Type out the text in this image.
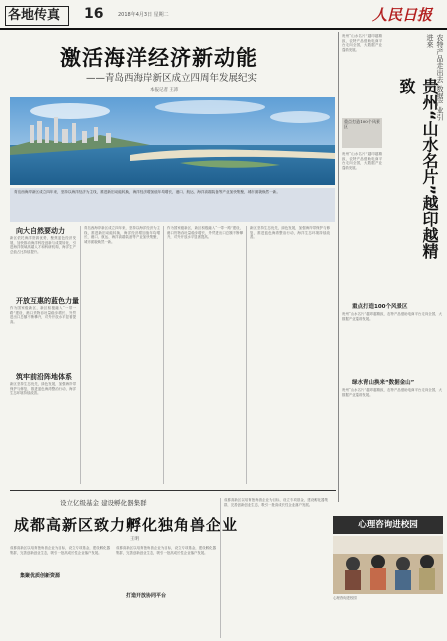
各地传真	16	2018年4月3日 星期二	人民日报
激活海洋经济新动能
——青岛西海岸新区成立四周年发展纪实
本报记者 王沛
青岛西海岸新区成立四年来，坚持以海洋经济为主线，推进新旧动能转换，海洋经济增加值年均增长，港口、航运、海洋高端装备等产业加快集聚，城市面貌焕然一新。
向大自然要动力
新区依托海洋资源优势，聚焦蓝色经济发展，加快推动海洋科技创新与成果转化，引进海洋领域高端人才和科研机构，海洋生产总值占比持续提升。
开放互惠的蓝色力量
作为国家级新区，新区积极融入“一带一路”建设，港口货物吞吐量稳步增长，外贸进出口总额不断攀升，对外开放水平显著提高。
筑牢前沿阵地体系
新区坚持生态优先，绿色发展，加强海岸带保护与修复，推进蓝色海湾整治行动，海洋生态环境持续改善。
青岛西海岸新区成立四年来，坚持以海洋经济为主线，推进新旧动能转换，海洋经济增加值年均增长，港口、航运、海洋高端装备等产业加快集聚，城市面貌焕然一新。
作为国家级新区，新区积极融入“一带一路”建设，港口货物吞吐量稳步增长，外贸进出口总额不断攀升，对外开放水平显著提高。
新区坚持生态优先，绿色发展，加强海岸带保护与修复，推进蓝色海湾整治行动，海洋生态环境持续改善。
贵州“山水名片”越印越精致，农特产品借助电商平台走向全国，大数据产业蓬勃发展。	农特产品走出去 数据产业引进来
贵州“山水名片”越印越精致
重点打造100个风景区
贵州“山水名片”越印越精致，农特产品借助电商平台走向全国，大数据产业蓬勃发展。
重点打造100个风景区
贵州“山水名片”越印越精致，农特产品借助电商平台走向全国，大数据产业蓬勃发展。
绿水青山换来“数据金山”
贵州“山水名片”越印越精致，农特产品借助电商平台走向全国，大数据产业蓬勃发展。
设立亿级基金 建设孵化器集群
成都高新区致力孵化独角兽企业
王明
成都高新区以培育独角兽企业为目标，设立专项基金，建设孵化器集群，完善创新创业生态，吸引一批高成长性企业落户发展。
集聚优质创新资源
成都高新区以培育独角兽企业为目标，设立专项基金，建设孵化器集群，完善创新创业生态，吸引一批高成长性企业落户发展。
打造开放协同平台
成都高新区以培育独角兽企业为目标，设立专项基金，建设孵化器集群，完善创新创业生态，吸引一批高成长性企业落户发展。
心理咨询进校园
心理咨询进校园
